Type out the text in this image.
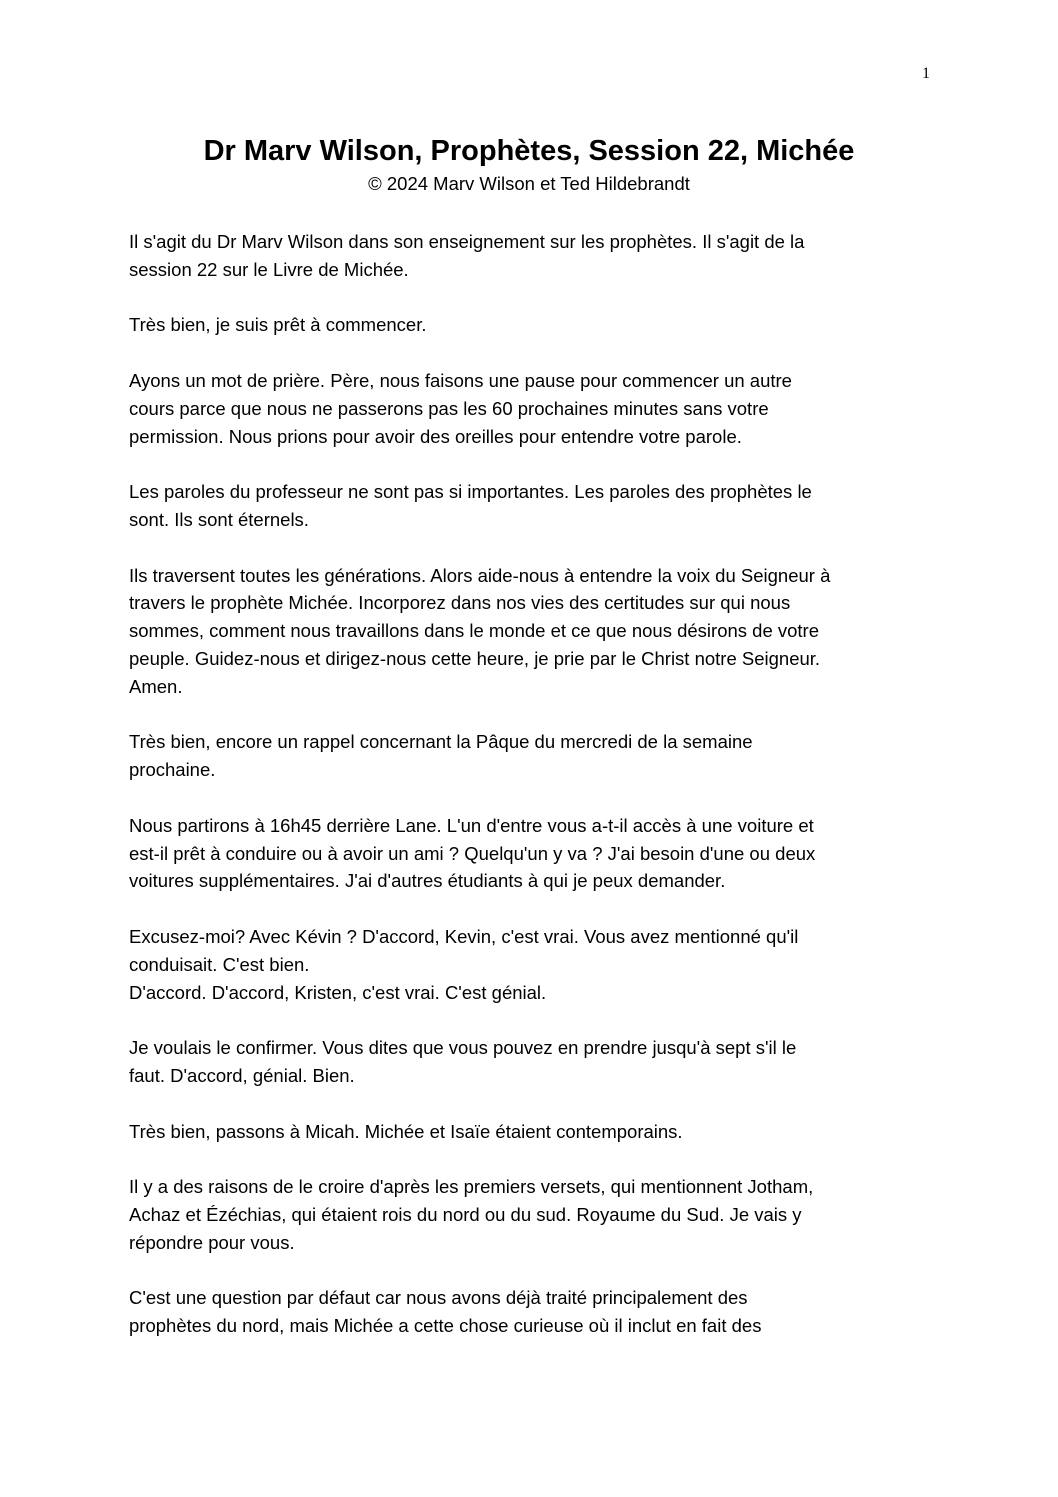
1
Dr Marv Wilson, Prophètes, Session 22, Michée
© 2024 Marv Wilson et Ted Hildebrandt

Il s'agit du Dr Marv Wilson dans son enseignement sur les prophètes. Il s'agit de la
session 22 sur le Livre de Michée.

Très bien, je suis prêt à commencer.

Ayons un mot de prière. Père, nous faisons une pause pour commencer un autre
cours parce que nous ne passerons pas les 60 prochaines minutes sans votre
permission. Nous prions pour avoir des oreilles pour entendre votre parole.

Les paroles du professeur ne sont pas si importantes. Les paroles des prophètes le
sont. Ils sont éternels.

Ils traversent toutes les générations. Alors aide-nous à entendre la voix du Seigneur à
travers le prophète Michée. Incorporez dans nos vies des certitudes sur qui nous
sommes, comment nous travaillons dans le monde et ce que nous désirons de votre
peuple. Guidez-nous et dirigez-nous cette heure, je prie par le Christ notre Seigneur.
Amen.

Très bien, encore un rappel concernant la Pâque du mercredi de la semaine
prochaine.

Nous partirons à 16h45 derrière Lane. L'un d'entre vous a-t-il accès à une voiture et
est-il prêt à conduire ou à avoir un ami ? Quelqu'un y va ? J'ai besoin d'une ou deux
voitures supplémentaires. J'ai d'autres étudiants à qui je peux demander.

Excusez-moi? Avec Kévin ? D'accord, Kevin, c'est vrai. Vous avez mentionné qu'il
conduisait. C'est bien.
D'accord. D'accord, Kristen, c'est vrai. C'est génial.

Je voulais le confirmer. Vous dites que vous pouvez en prendre jusqu'à sept s'il le
faut. D'accord, génial. Bien.

Très bien, passons à Micah. Michée et Isaïe étaient contemporains.

Il y a des raisons de le croire d'après les premiers versets, qui mentionnent Jotham,
Achaz et Ézéchias, qui étaient rois du nord ou du sud. Royaume du Sud. Je vais y
répondre pour vous.

C'est une question par défaut car nous avons déjà traité principalement des
prophètes du nord, mais Michée a cette chose curieuse où il inclut en fait des
